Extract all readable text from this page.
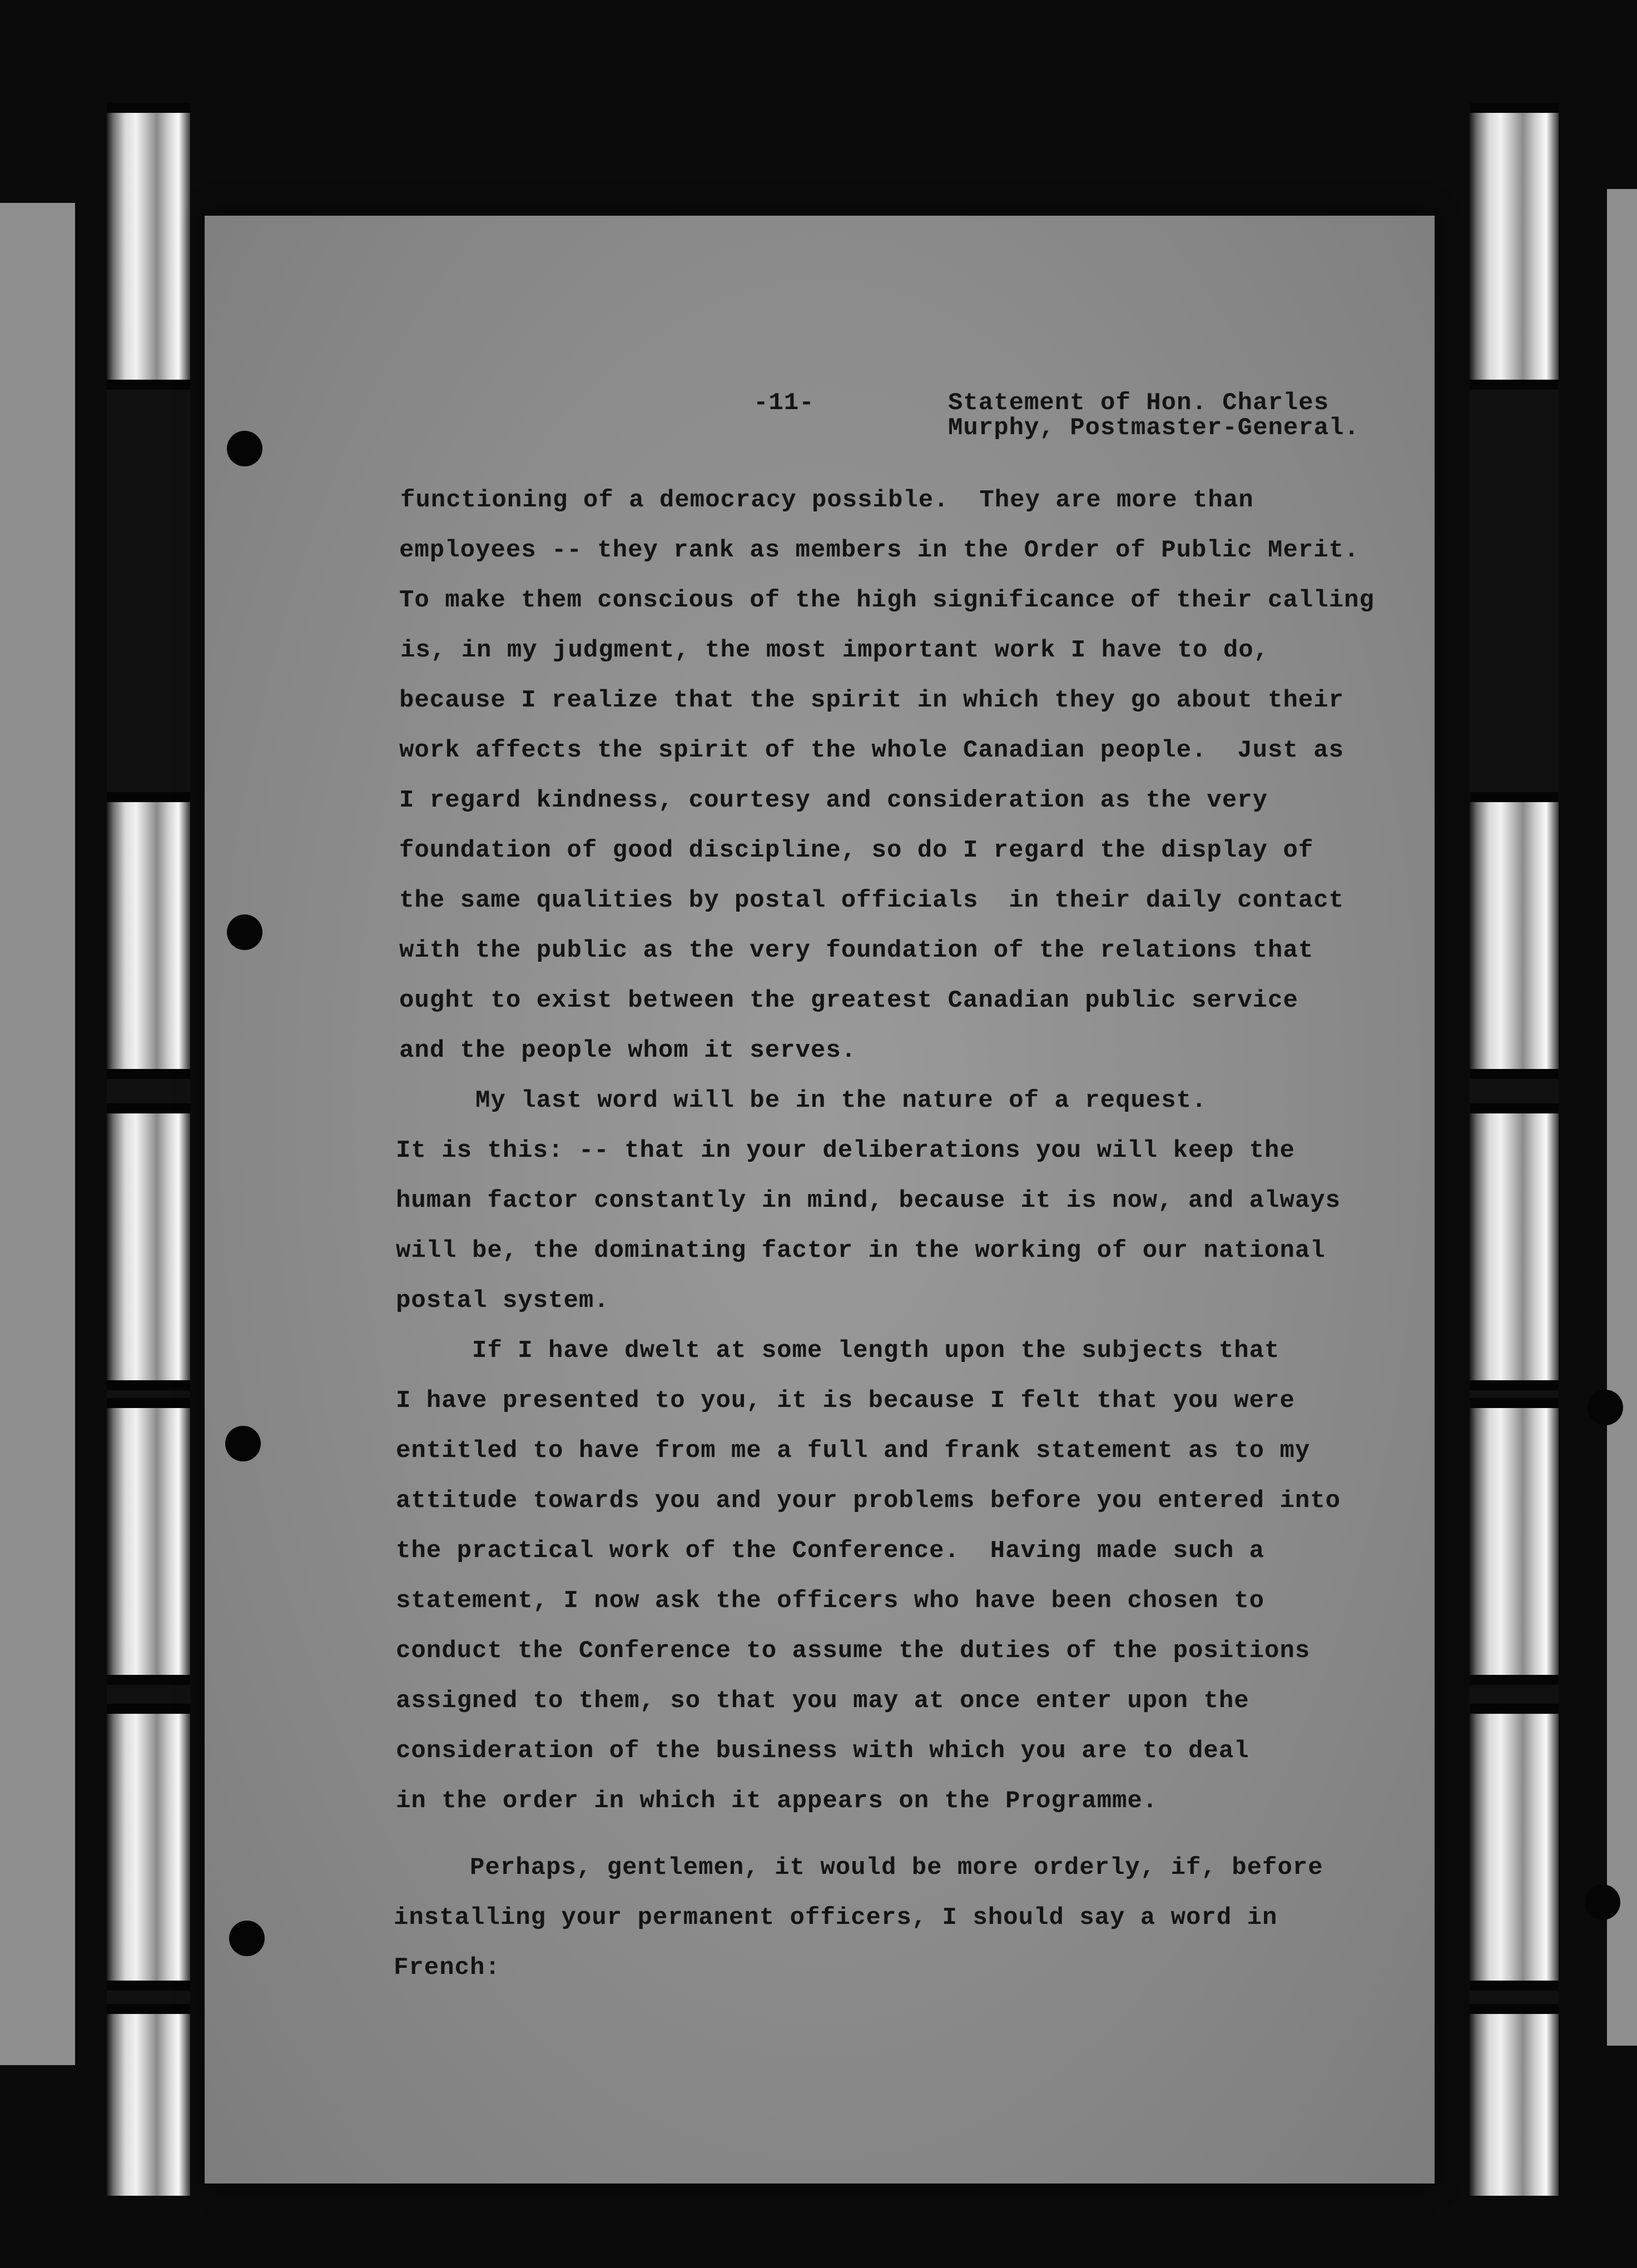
-11-	Statement of Hon. Charles
Murphy, Postmaster-General.
functioning of a democracy possible.  They are more than
employees -- they rank as members in the Order of Public Merit.
To make them conscious of the high significance of their calling
is, in my judgment, the most important work I have to do,
because I realize that the spirit in which they go about their
work affects the spirit of the whole Canadian people.  Just as
I regard kindness, courtesy and consideration as the very
foundation of good discipline, so do I regard the display of
the same qualities by postal officials  in their daily contact
with the public as the very foundation of the relations that
ought to exist between the greatest Canadian public service
and the people whom it serves.
My last word will be in the nature of a request.
It is this: -- that in your deliberations you will keep the
human factor constantly in mind, because it is now, and always
will be, the dominating factor in the working of our national
postal system.
If I have dwelt at some length upon the subjects that
I have presented to you, it is because I felt that you were
entitled to have from me a full and frank statement as to my
attitude towards you and your problems before you entered into
the practical work of the Conference.  Having made such a
statement, I now ask the officers who have been chosen to
conduct the Conference to assume the duties of the positions
assigned to them, so that you may at once enter upon the
consideration of the business with which you are to deal
in the order in which it appears on the Programme.
Perhaps, gentlemen, it would be more orderly, if, before
installing your permanent officers, I should say a word in
French:
